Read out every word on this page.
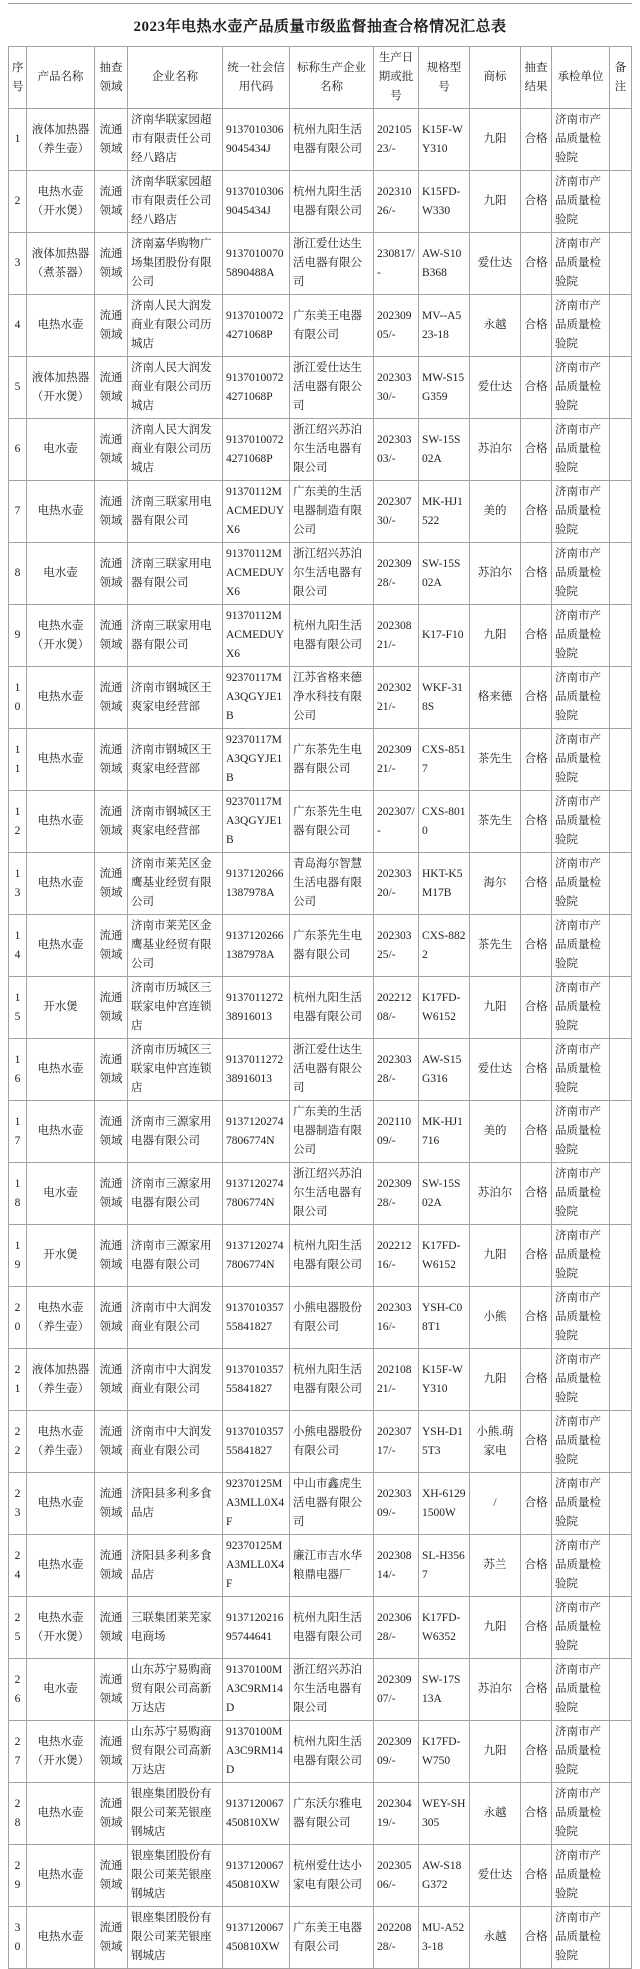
2023年电热水壶产品质量市级监督抽查合格情况汇总表
序号	产品名称	抽查领域	企业名称	统一社会信用代码	标称生产企业名称	生产日期或批号	规格型号	商标	抽查结果	承检单位	备注
1	液体加热器（养生壶）	流通领域	济南华联家园超市有限责任公司经八路店	91370103069045434J	杭州九阳生活电器有限公司	20210523/-	K15F-WY310	九阳	合格	济南市产品质量检验院	
2	电热水壶（开水煲）	流通领域	济南华联家园超市有限责任公司经八路店	91370103069045434J	杭州九阳生活电器有限公司	20231026/-	K15FD-W330	九阳	合格	济南市产品质量检验院	
3	液体加热器（煮茶器）	流通领域	济南嘉华购物广场集团股份有限公司	91370100705890488A	浙江爱仕达生活电器有限公司	230817/-	AW-S10B368	爱仕达	合格	济南市产品质量检验院	
4	电热水壶	流通领域	济南人民大润发商业有限公司历城店	91370100724271068P	广东美王电器有限公司	20230905/-	MV--A523-18	永越	合格	济南市产品质量检验院	
5	液体加热器（开水煲）	流通领域	济南人民大润发商业有限公司历城店	91370100724271068P	浙江爱仕达生活电器有限公司	20230330/-	MW-S15G359	爱仕达	合格	济南市产品质量检验院	
6	电水壶	流通领域	济南人民大润发商业有限公司历城店	91370100724271068P	浙江绍兴苏泊尔生活电器有限公司	20230303/-	SW-15S02A	苏泊尔	合格	济南市产品质量检验院	
7	电热水壶	流通领域	济南三联家用电器有限公司	91370112MACMEDUYX6	广东美的生活电器制造有限公司	20230730/-	MK-HJ1522	美的	合格	济南市产品质量检验院	
8	电水壶	流通领域	济南三联家用电器有限公司	91370112MACMEDUYX6	浙江绍兴苏泊尔生活电器有限公司	20230928/-	SW-15S02A	苏泊尔	合格	济南市产品质量检验院	
9	电热水壶（开水煲）	流通领域	济南三联家用电器有限公司	91370112MACMEDUYX6	杭州九阳生活电器有限公司	20230821/-	K17-F10	九阳	合格	济南市产品质量检验院	
10	电热水壶	流通领域	济南市钢城区王爽家电经营部	92370117MA3QGYJE1B	江苏省格来德净水科技有限公司	20230221/-	WKF-318S	格来德	合格	济南市产品质量检验院	
11	电热水壶	流通领域	济南市钢城区王爽家电经营部	92370117MA3QGYJE1B	广东茶先生电器有限公司	20230921/-	CXS-8517	茶先生	合格	济南市产品质量检验院	
12	电热水壶	流通领域	济南市钢城区王爽家电经营部	92370117MA3QGYJE1B	广东茶先生电器有限公司	202307/-	CXS-8010	茶先生	合格	济南市产品质量检验院	
13	电热水壶	流通领域	济南市莱芜区金鹰基业经贸有限公司	91371202661387978A	青岛海尔智慧生活电器有限公司	20230320/-	HKT-K5M17B	海尔	合格	济南市产品质量检验院	
14	电热水壶	流通领域	济南市莱芜区金鹰基业经贸有限公司	91371202661387978A	广东茶先生电器有限公司	20230325/-	CXS-8822	茶先生	合格	济南市产品质量检验院	
15	开水煲	流通领域	济南市历城区三联家电仲宫连锁店	913701127238916013	杭州九阳生活电器有限公司	20221208/-	K17FD-W6152	九阳	合格	济南市产品质量检验院	
16	电热水壶	流通领域	济南市历城区三联家电仲宫连锁店	913701127238916013	浙江爱仕达生活电器有限公司	20230328/-	AW-S15G316	爱仕达	合格	济南市产品质量检验院	
17	电热水壶	流通领域	济南市三源家用电器有限公司	91371202747806774N	广东美的生活电器制造有限公司	20211009/-	MK-HJ1716	美的	合格	济南市产品质量检验院	
18	电水壶	流通领域	济南市三源家用电器有限公司	91371202747806774N	浙江绍兴苏泊尔生活电器有限公司	20230928/-	SW-15S02A	苏泊尔	合格	济南市产品质量检验院	
19	开水煲	流通领域	济南市三源家用电器有限公司	91371202747806774N	杭州九阳生活电器有限公司	20221216/-	K17FD-W6152	九阳	合格	济南市产品质量检验院	
20	电热水壶（养生壶）	流通领域	济南市中大润发商业有限公司	913701035755841827	小熊电器股份有限公司	20230316/-	YSH-C08T1	小熊	合格	济南市产品质量检验院	
21	液体加热器（养生壶）	流通领域	济南市中大润发商业有限公司	913701035755841827	杭州九阳生活电器有限公司	20210821/-	K15F-WY310	九阳	合格	济南市产品质量检验院	
22	电热水壶（养生壶）	流通领域	济南市中大润发商业有限公司	913701035755841827	小熊电器股份有限公司	20230717/-	YSH-D15T3	小熊.萌家电	合格	济南市产品质量检验院	
23	电热水壶	流通领域	济阳县多利多食品店	92370125MA3MLL0X4F	中山市鑫虎生活电器有限公司	20230309/-	XH-6129 1500W	/	合格	济南市产品质量检验院	
24	电热水壶	流通领域	济阳县多利多食品店	92370125MA3MLL0X4F	廉江市吉水华粮鼎电器厂	20230814/-	SL-H3567	苏兰	合格	济南市产品质量检验院	
25	电热水壶（开水煲）	流通领域	三联集团莱芜家电商场	913712021695744641	杭州九阳生活电器有限公司	20230628/-	K17FD-W6352	九阳	合格	济南市产品质量检验院	
26	电水壶	流通领域	山东苏宁易购商贸有限公司高新万达店	91370100MA3C9RM14D	浙江绍兴苏泊尔生活电器有限公司	20230907/-	SW-17S13A	苏泊尔	合格	济南市产品质量检验院	
27	电热水壶（开水煲）	流通领域	山东苏宁易购商贸有限公司高新万达店	91370100MA3C9RM14D	杭州九阳生活电器有限公司	20230909/-	K17FD-W750	九阳	合格	济南市产品质量检验院	
28	电热水壶	流通领域	银座集团股份有限公司莱芜银座钢城店	9137120067450810XW	广东沃尔雅电器有限公司	20230419/-	WEY-SH305	永越	合格	济南市产品质量检验院	
29	电热水壶	流通领域	银座集团股份有限公司莱芜银座钢城店	9137120067450810XW	杭州爱仕达小家电有限公司	20230506/-	AW-S18G372	爱仕达	合格	济南市产品质量检验院	
30	电热水壶	流通领域	银座集团股份有限公司莱芜银座钢城店	9137120067450810XW	广东美王电器有限公司	20220828/-	MU-A523-18	永越	合格	济南市产品质量检验院	
